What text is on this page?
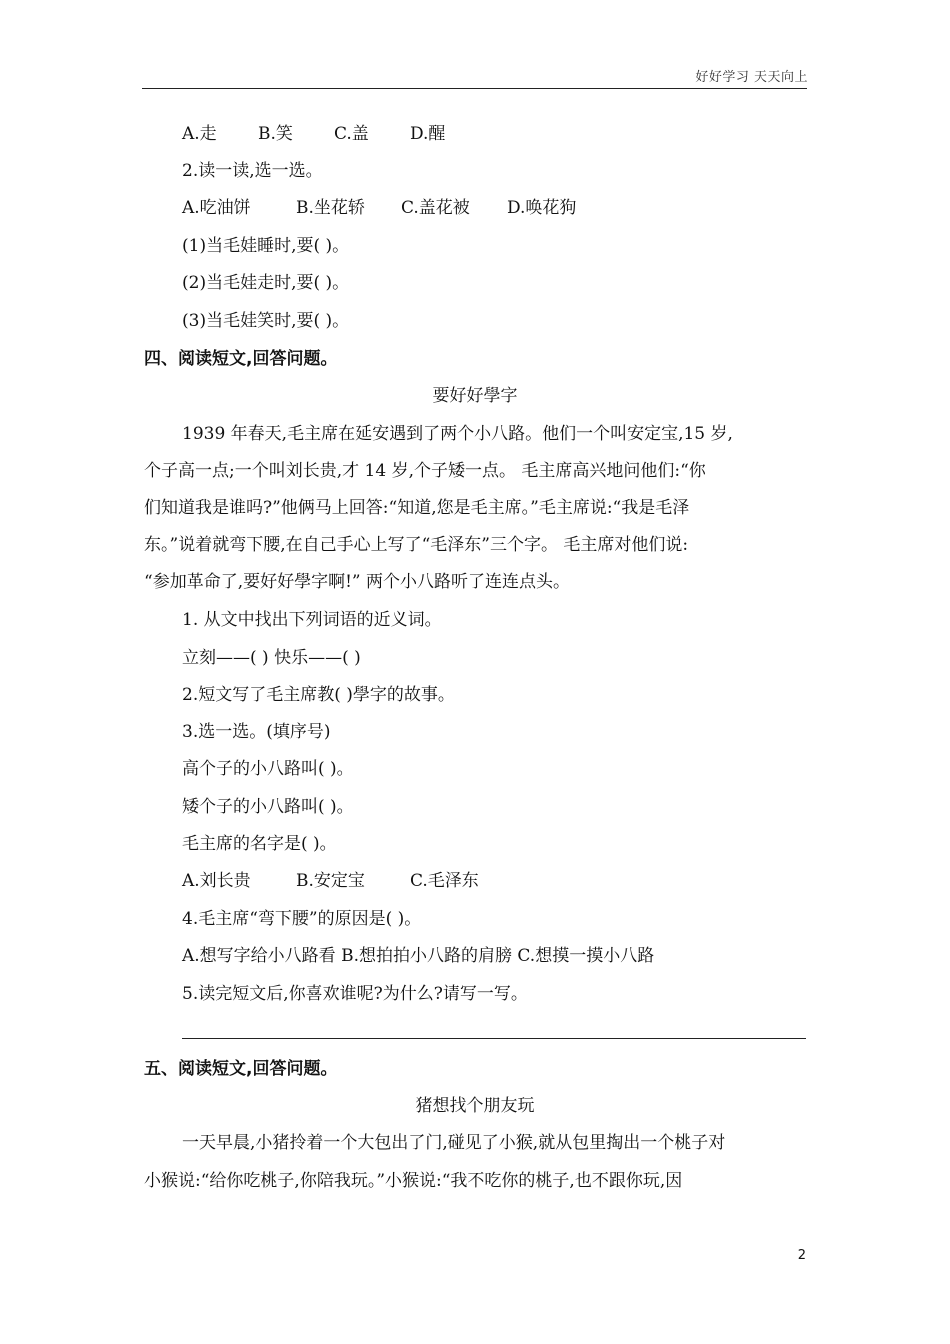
好好学习 天天向上
A.走 B.笑 C.盖 D.醒
2.读一读,选一选。
A.吃油饼	B.坐花轿 C.盖花被 D.唤花狗
(1)当毛娃睡时,要( )。
(2)当毛娃走时,要( )。
(3)当毛娃笑时,要( )。
四、阅读短文,回答问题。
要好好學字
1939 年春天,毛主席在延安遇到了两个小八路。他们一个叫安定宝,15 岁,
个子高一点;一个叫刘长贵,才 14 岁,个子矮一点。 毛主席高兴地问他们:“你
们知道我是谁吗?”他俩马上回答:“知道,您是毛主席。”毛主席说:“我是毛泽
东。”说着就弯下腰,在自己手心上写了“毛泽东”三个字。 毛主席对他们说:
“参加革命了,要好好學字啊!” 两个小八路听了连连点头。
1. 从文中找出下列词语的近义词。
立刻——( ) 快乐——( )
2.短文写了毛主席教( )學字的故事。
3.选一选。(填序号)
高个子的小八路叫( )。
矮个子的小八路叫( )。
毛主席的名字是( )。
A.刘长贵	B.安定宝	C.毛泽东
4.毛主席“弯下腰”的原因是( )。
A.想写字给小八路看 B.想拍拍小八路的肩膀 C.想摸一摸小八路
5.读完短文后,你喜欢谁呢?为什么?请写一写。
五、阅读短文,回答问题。
猪想找个朋友玩
一天早晨,小猪拎着一个大包出了门,碰见了小猴,就从包里掏出一个桃子对
小猴说:“给你吃桃子,你陪我玩。”小猴说:“我不吃你的桃子,也不跟你玩,因
2
